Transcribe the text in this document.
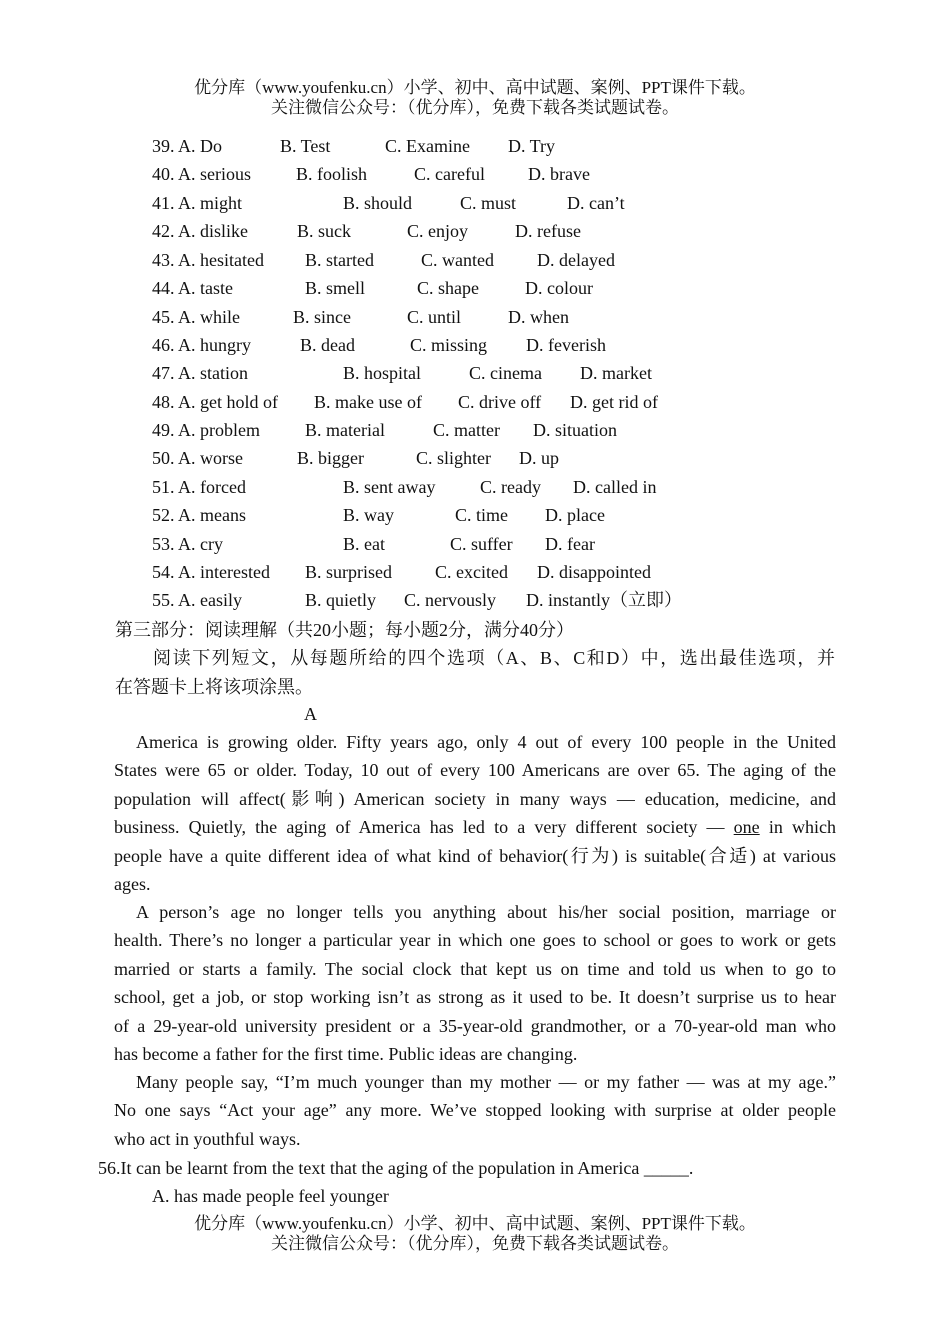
优分库（www.youfenku.cn）小学、初中、高中试题、案例、PPT课件下载。
关注微信公众号：（优分库），免费下载各类试题试卷。
39. A. Do	B. Test	C. Examine D. Try
40. A. serious	B. foolish	C. careful D. brave
41. A. might	B. should	C. must	D. can’t
42. A. dislike	B. suck	C. enjoy	D. refuse
43. A. hesitated B. started	C. wanted D. delayed
44. A. taste	B. smell	C. shape	D. colour
45. A. while	B. since	C. until	D. when
46. A. hungry	B. dead	C. missing D. feverish
47. A. station	B. hospital	C. cinema D. market
48. A. get hold of B. make use of C. drive off D. get rid of
49. A. problem	B. material	C. matter D. situation
50. A. worse	B. bigger	C. slighter D. up
51. A. forced	B. sent away C. ready D. called in
52. A. means	B. way	C. time D. place
53. A. cry	B. eat	C. suffer D. fear
54. A. interested B. surprised C. excited D. disappointed
55. A. easily	B. quietly C. nervously D. instantly（立即）
第三部分：阅读理解（共20小题；每小题2分，满分40分）
阅读下列短文，从每题所给的四个选项（A、B、C和D）中，选出最佳选项，并
在答题卡上将该项涂黑。
A
America is growing older. Fifty years ago, only 4 out of every 100 people in the United
States were 65 or older. Today, 10 out of every 100 Americans are over 65. The aging of the
population will affect(影响) American society in many ways — education, medicine, and
business. Quietly, the aging of America has led to a very different society — one in which
people have a quite different idea of what kind of behavior(行为) is suitable(合适) at various
ages.
A person’s age no longer tells you anything about his/her social position, marriage or
health. There’s no longer a particular year in which one goes to school or goes to work or gets
married or starts a family. The social clock that kept us on time and told us when to go to
school, get a job, or stop working isn’t as strong as it used to be. It doesn’t surprise us to hear
of a 29-year-old university president or a 35-year-old grandmother, or a 70-year-old man who
has become a father for the first time. Public ideas are changing.
Many people say, “I’m much younger than my mother — or my father — was at my age.”
No one says “Act your age” any more. We’ve stopped looking with surprise at older people
who act in youthful ways.
56.It can be learnt from the text that the aging of the population in America _____.
A. has made people feel younger
优分库（www.youfenku.cn）小学、初中、高中试题、案例、PPT课件下载。
关注微信公众号：（优分库），免费下载各类试题试卷。
